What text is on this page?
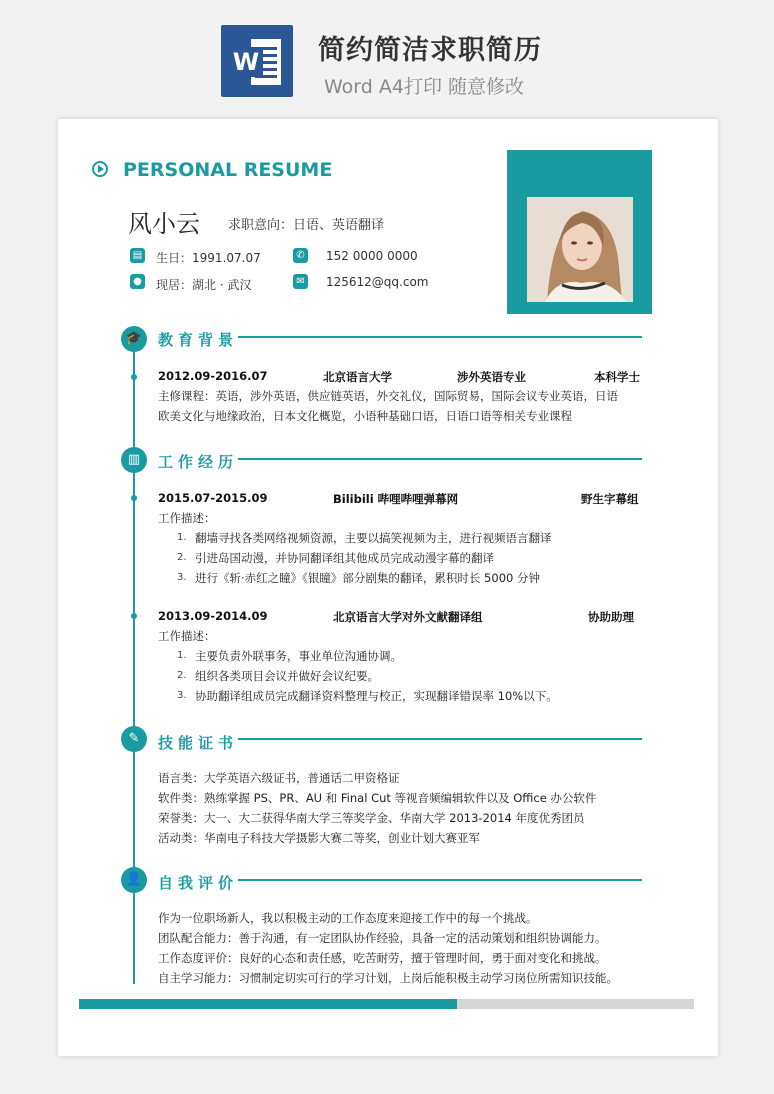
W 简约简洁求职简历
Word A4打印 随意修改
PERSONAL RESUME
风小云 求职意向：日语、英语翻译
▤ 生日：1991.07.07	✆ 152 0000 0000
● 现居：湖北 · 武汉	✉ 125612@qq.com
🎓	教育背景
2012.09-2016.07	北京语言大学	涉外英语专业	本科学士
主修课程：英语，涉外英语，供应链英语，外交礼仪，国际贸易，国际会议专业英语，日语
欧美文化与地缘政治，日本文化概览，小语种基础口语，日语口语等相关专业课程
▥	工作经历
2015.07-2015.09	Bilibili 哔哩哔哩弹幕网	野生字幕组
工作描述：
1. 翻墙寻找各类网络视频资源，主要以搞笑视频为主，进行视频语言翻译
2. 引进岛国动漫，并协同翻译组其他成员完成动漫字幕的翻译
3. 进行《斩·赤红之瞳》《银瞳》部分剧集的翻译，累积时长 5000 分钟
2013.09-2014.09	北京语言大学对外文献翻译组	协助助理
工作描述：
1. 主要负责外联事务，事业单位沟通协调。
2. 组织各类项目会议并做好会议纪要。
3. 协助翻译组成员完成翻译资料整理与校正，实现翻译错误率 10%以下。
✎	技能证书
语言类：大学英语六级证书，普通话二甲资格证
软件类：熟练掌握 PS、PR、AU 和 Final Cut 等视音频编辑软件以及 Office 办公软件
荣誉类：大一、大二获得华南大学三等奖学金、华南大学 2013-2014 年度优秀团员
活动类：华南电子科技大学摄影大赛二等奖，创业计划大赛亚军
👤	自我评价
作为一位职场新人，我以积极主动的工作态度来迎接工作中的每一个挑战。
团队配合能力：善于沟通，有一定团队协作经验，具备一定的活动策划和组织协调能力。
工作态度评价：良好的心态和责任感，吃苦耐劳，擅于管理时间，勇于面对变化和挑战。
自主学习能力：习惯制定切实可行的学习计划，上岗后能积极主动学习岗位所需知识技能。
